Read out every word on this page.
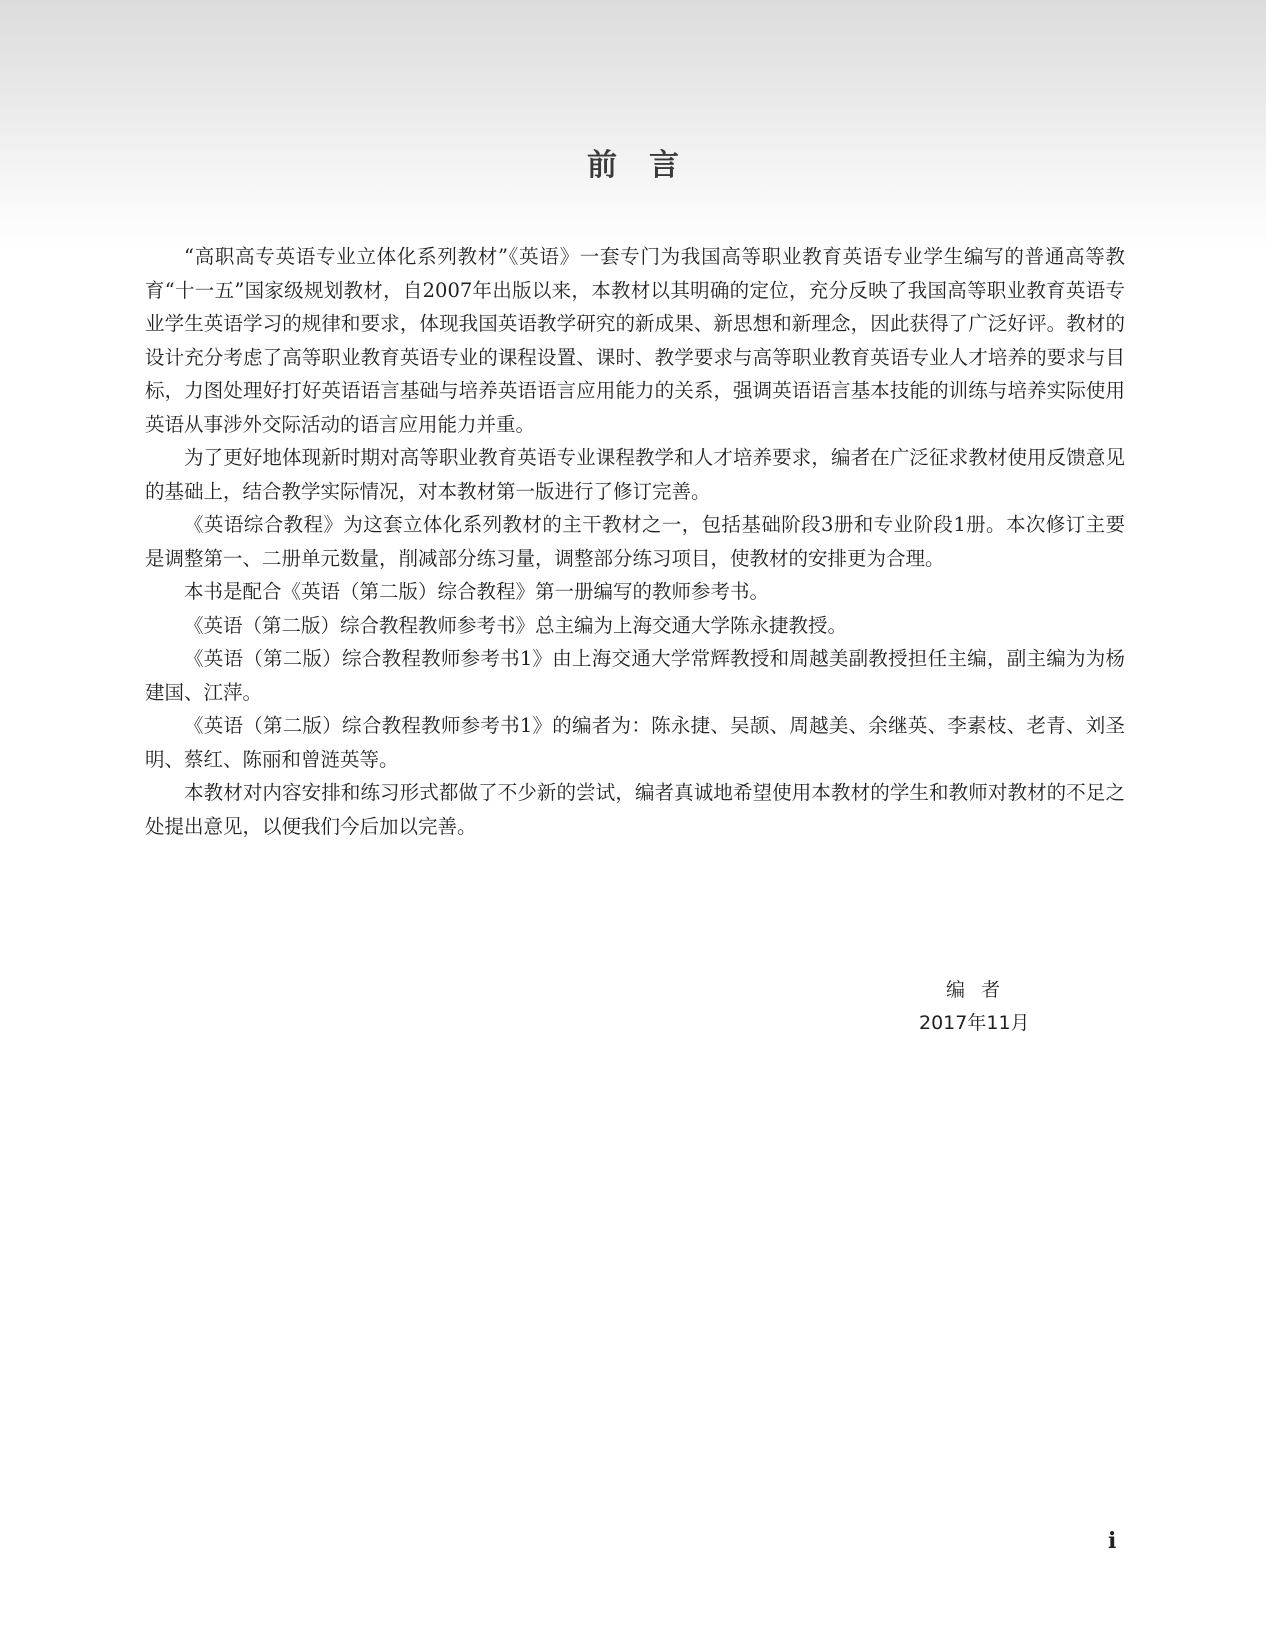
前言

“高职高专英语专业立体化系列教材”《英语》一套专门为我国高等职业教育英语专业学生编写的普通高等教育“十一五”国家级规划教材，自2007年出版以来，本教材以其明确的定位，充分反映了我国高等职业教育英语专业学生英语学习的规律和要求，体现我国英语教学研究的新成果、新思想和新理念，因此获得了广泛好评。教材的设计充分考虑了高等职业教育英语专业的课程设置、课时、教学要求与高等职业教育英语专业人才培养的要求与目标，力图处理好打好英语语言基础与培养英语语言应用能力的关系，强调英语语言基本技能的训练与培养实际使用英语从事涉外交际活动的语言应用能力并重。

为了更好地体现新时期对高等职业教育英语专业课程教学和人才培养要求，编者在广泛征求教材使用反馈意见的基础上，结合教学实际情况，对本教材第一版进行了修订完善。

《英语综合教程》为这套立体化系列教材的主干教材之一，包括基础阶段3册和专业阶段1册。本次修订主要是调整第一、二册单元数量，削减部分练习量，调整部分练习项目，使教材的安排更为合理。

本书是配合《英语（第二版）综合教程》第一册编写的教师参考书。

《英语（第二版）综合教程教师参考书》总主编为上海交通大学陈永捷教授。

《英语（第二版）综合教程教师参考书1》由上海交通大学常辉教授和周越美副教授担任主编，副主编为为杨建国、江萍。

《英语（第二版）综合教程教师参考书1》的编者为：陈永捷、吴颉、周越美、余继英、李素枝、老青、刘圣明、蔡红、陈丽和曾涟英等。

本教材对内容安排和练习形式都做了不少新的尝试，编者真诚地希望使用本教材的学生和教师对教材的不足之处提出意见，以便我们今后加以完善。

编者
2017年11月
i
